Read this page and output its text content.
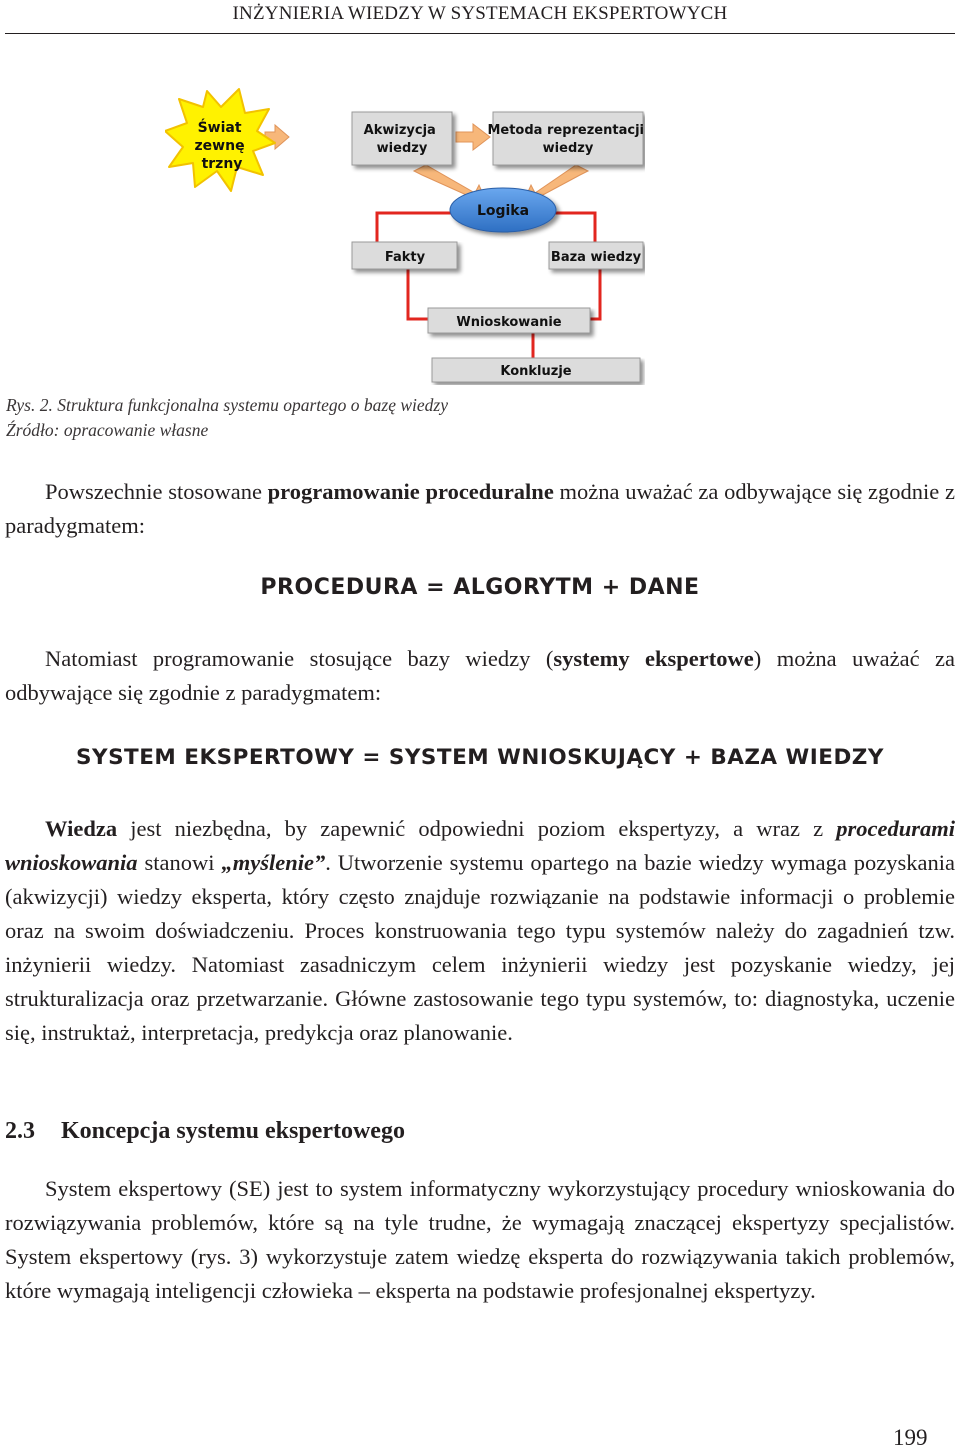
INŻYNIERIA WIEDZY W SYSTEMACH EKSPERTOWYCH
Świat zewnę trzny
Akwizycja wiedzy
Metoda reprezentacji wiedzy
Logika
Fakty	Baza wiedzy
Wnioskowanie
Konkluzje
Rys. 2. Struktura funkcjonalna systemu opartego o bazę wiedzy
Źródło: opracowanie własne

Powszechnie stosowane programowanie proceduralne można uważać za odbywające się zgodnie z paradygmatem:

PROCEDURA = ALGORYTM + DANE

Natomiast programowanie stosujące bazy wiedzy (systemy ekspertowe) można uważać za odbywające się zgodnie z paradygmatem:

SYSTEM EKSPERTOWY = SYSTEM WNIOSKUJĄCY + BAZA WIEDZY

Wiedza jest niezbędna, by zapewnić odpowiedni poziom ekspertyzy, a wraz z procedurami wnioskowania stanowi „myślenie”. Utworzenie systemu opartego na bazie wiedzy wymaga pozyskania (akwizycji) wiedzy eksperta, który często znajduje rozwiązanie na podstawie informacji o problemie oraz na swoim doświadczeniu. Proces konstruowania tego typu systemów należy do zagadnień tzw. inżynierii wiedzy. Natomiast zasadniczym celem inżynierii wiedzy jest pozyskanie wiedzy, jej strukturalizacja oraz przetwarzanie. Główne zastosowanie tego typu systemów, to: diagnostyka, uczenie się, instruktaż, interpretacja, predykcja oraz planowanie.

2.3 Koncepcja systemu ekspertowego

System ekspertowy (SE) jest to system informatyczny wykorzystujący procedury wnioskowania do rozwiązywania problemów, które są na tyle trudne, że wymagają znaczącej ekspertyzy specjalistów. System ekspertowy (rys. 3) wykorzystuje zatem wiedzę eksperta do rozwiązywania takich problemów, które wymagają inteligencji człowieka – eksperta na podstawie profesjonalnej ekspertyzy.

199
